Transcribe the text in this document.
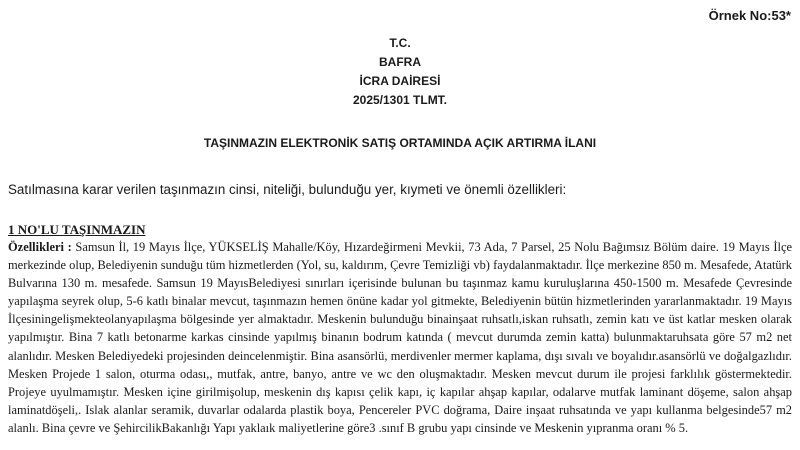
Örnek No:53*
T.C.
BAFRA
İCRA DAİRESİ
2025/1301 TLMT.
TAŞINMAZIN ELEKTRONİK SATIŞ ORTAMINDA AÇIK ARTIRMA İLANI
Satılmasına karar verilen taşınmazın cinsi, niteliği, bulunduğu yer, kıymeti ve önemli özellikleri:
1 NO'LU TAŞINMAZIN
Özellikleri : Samsun İl, 19 Mayıs İlçe, YÜKSELİŞ Mahalle/Köy, Hızardeğirmeni Mevkii, 73 Ada, 7 Parsel, 25 Nolu Bağımsız Bölüm daire. 19 Mayıs İlçe merkezinde olup, Belediyenin sunduğu tüm hizmetlerden (Yol, su, kaldırım, Çevre Temizliği vb) faydalanmaktadır. İlçe merkezine 850 m. Mesafede, Atatürk Bulvarına 130 m. mesafede. Samsun 19 MayısBelediyesi sınırları içerisinde bulunan bu taşınmaz kamu kuruluşlarına 450-1500 m. Mesafede Çevresinde yapılaşma seyrek olup, 5-6 katlı binalar mevcut, taşınmazın hemen önüne kadar yol gitmekte, Belediyenin bütün hizmetlerinden yararlanmaktadır. 19 Mayıs İlçesiningelişmekteolanyapılaşma bölgesinde yer almaktadır. Meskenin bulunduğu binainşaat ruhsatlı,iskan ruhsatlı, zemin katı ve üst katlar mesken olarak yapılmıştır. Bina 7 katlı betonarme karkas cinsinde yapılmış binanın bodrum katında ( mevcut durumda zemin katta) bulunmaktaruhsata göre 57 m2 net alanlıdır. Mesken Belediyedeki projesinden deincelenmiştir. Bina asansörlü, merdivenler mermer kaplama, dışı sıvalı ve boyalıdır.asansörlü ve doğalgazlıdır. Mesken Projede 1 salon, oturma odası,, mutfak, antre, banyo, antre ve wc den oluşmaktadır. Mesken mevcut durum ile projesi farklılık göstermektedir. Projeye uyulmamıştır. Mesken içine girilmişolup, meskenin dış kapısı çelik kapı, iç kapılar ahşap kapılar, odalarve mutfak laminant döşeme, salon ahşap laminatdöşeli,. Islak alanlar seramik, duvarlar odalarda plastik boya, Pencereler PVC doğrama, Daire inşaat ruhsatında ve yapı kullanma belgesinde57 m2 alanlı. Bina çevre ve ŞehircilikBakanlığı Yapı yaklaık maliyetlerine göre3 .sınıf B grubu yapı cinsinde ve Meskenin yıpranma oranı % 5.
